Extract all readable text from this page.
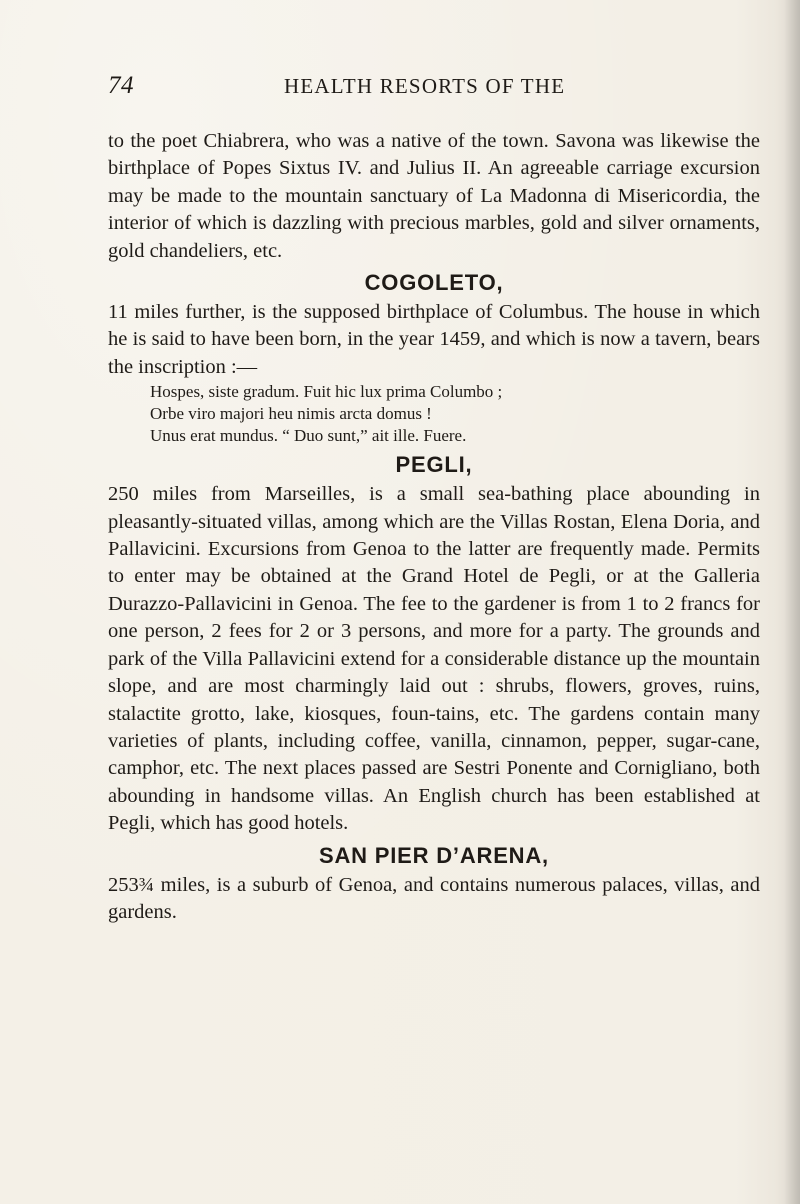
74	HEALTH RESORTS OF THE

to the poet Chiabrera, who was a native of the town. Savona was likewise the birthplace of Popes Sixtus IV. and Julius II. An agreeable carriage excursion may be made to the mountain sanctuary of La Madonna di Misericordia, the interior of which is dazzling with precious marbles, gold and silver ornaments, gold chandeliers, etc.

COGOLETO,

11 miles further, is the supposed birthplace of Columbus. The house in which he is said to have been born, in the year 1459, and which is now a tavern, bears the inscription :—

Hospes, siste gradum. Fuit hic lux prima Columbo ;
Orbe viro majori heu nimis arcta domus !
Unus erat mundus. “ Duo sunt,” ait ille. Fuere.
PEGLI,

250 miles from Marseilles, is a small sea-bathing place abounding in pleasantly-situated villas, among which are the Villas Rostan, Elena Doria, and Pallavicini. Excursions from Genoa to the latter are frequently made. Permits to enter may be obtained at the Grand Hotel de Pegli, or at the Galleria Durazzo-Pallavicini in Genoa. The fee to the gardener is from 1 to 2 francs for one person, 2 fees for 2 or 3 persons, and more for a party. The grounds and park of the Villa Pallavicini extend for a considerable distance up the mountain slope, and are most charmingly laid out : shrubs, flowers, groves, ruins, stalactite grotto, lake, kiosques, foun-tains, etc. The gardens contain many varieties of plants, including coffee, vanilla, cinnamon, pepper, sugar-cane, camphor, etc. The next places passed are Sestri Ponente and Cornigliano, both abounding in handsome villas. An English church has been established at Pegli, which has good hotels.

SAN PIER D’ARENA,

253¾ miles, is a suburb of Genoa, and contains numerous palaces, villas, and gardens.
